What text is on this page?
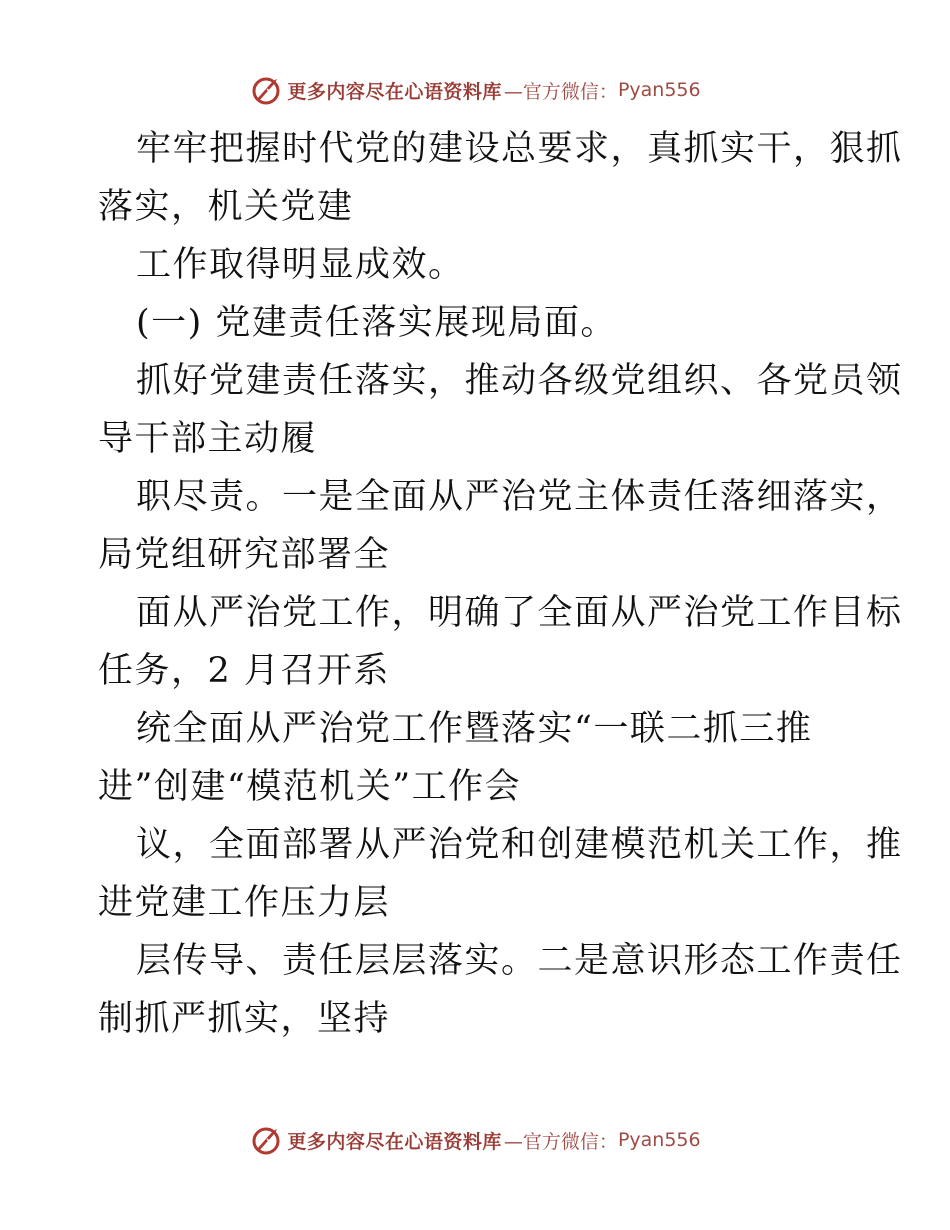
更多内容尽在心语资料库 —官方微信： Pyan556
牢牢把握时代党的建设总要求，真抓实干，狠抓
落实，机关党建
工作取得明显成效。
(一) 党建责任落实展现局面。
抓好党建责任落实，推动各级党组织、各党员领
导干部主动履
职尽责。一是全面从严治党主体责任落细落实，
局党组研究部署全
面从严治党工作，明确了全面从严治党工作目标
任务，2 月召开系
统全面从严治党工作暨落实“一联二抓三推
进”创建“模范机关”工作会
议，全面部署从严治党和创建模范机关工作，推
进党建工作压力层
层传导、责任层层落实。二是意识形态工作责任
制抓严抓实，坚持
更多内容尽在心语资料库 —官方微信： Pyan556
